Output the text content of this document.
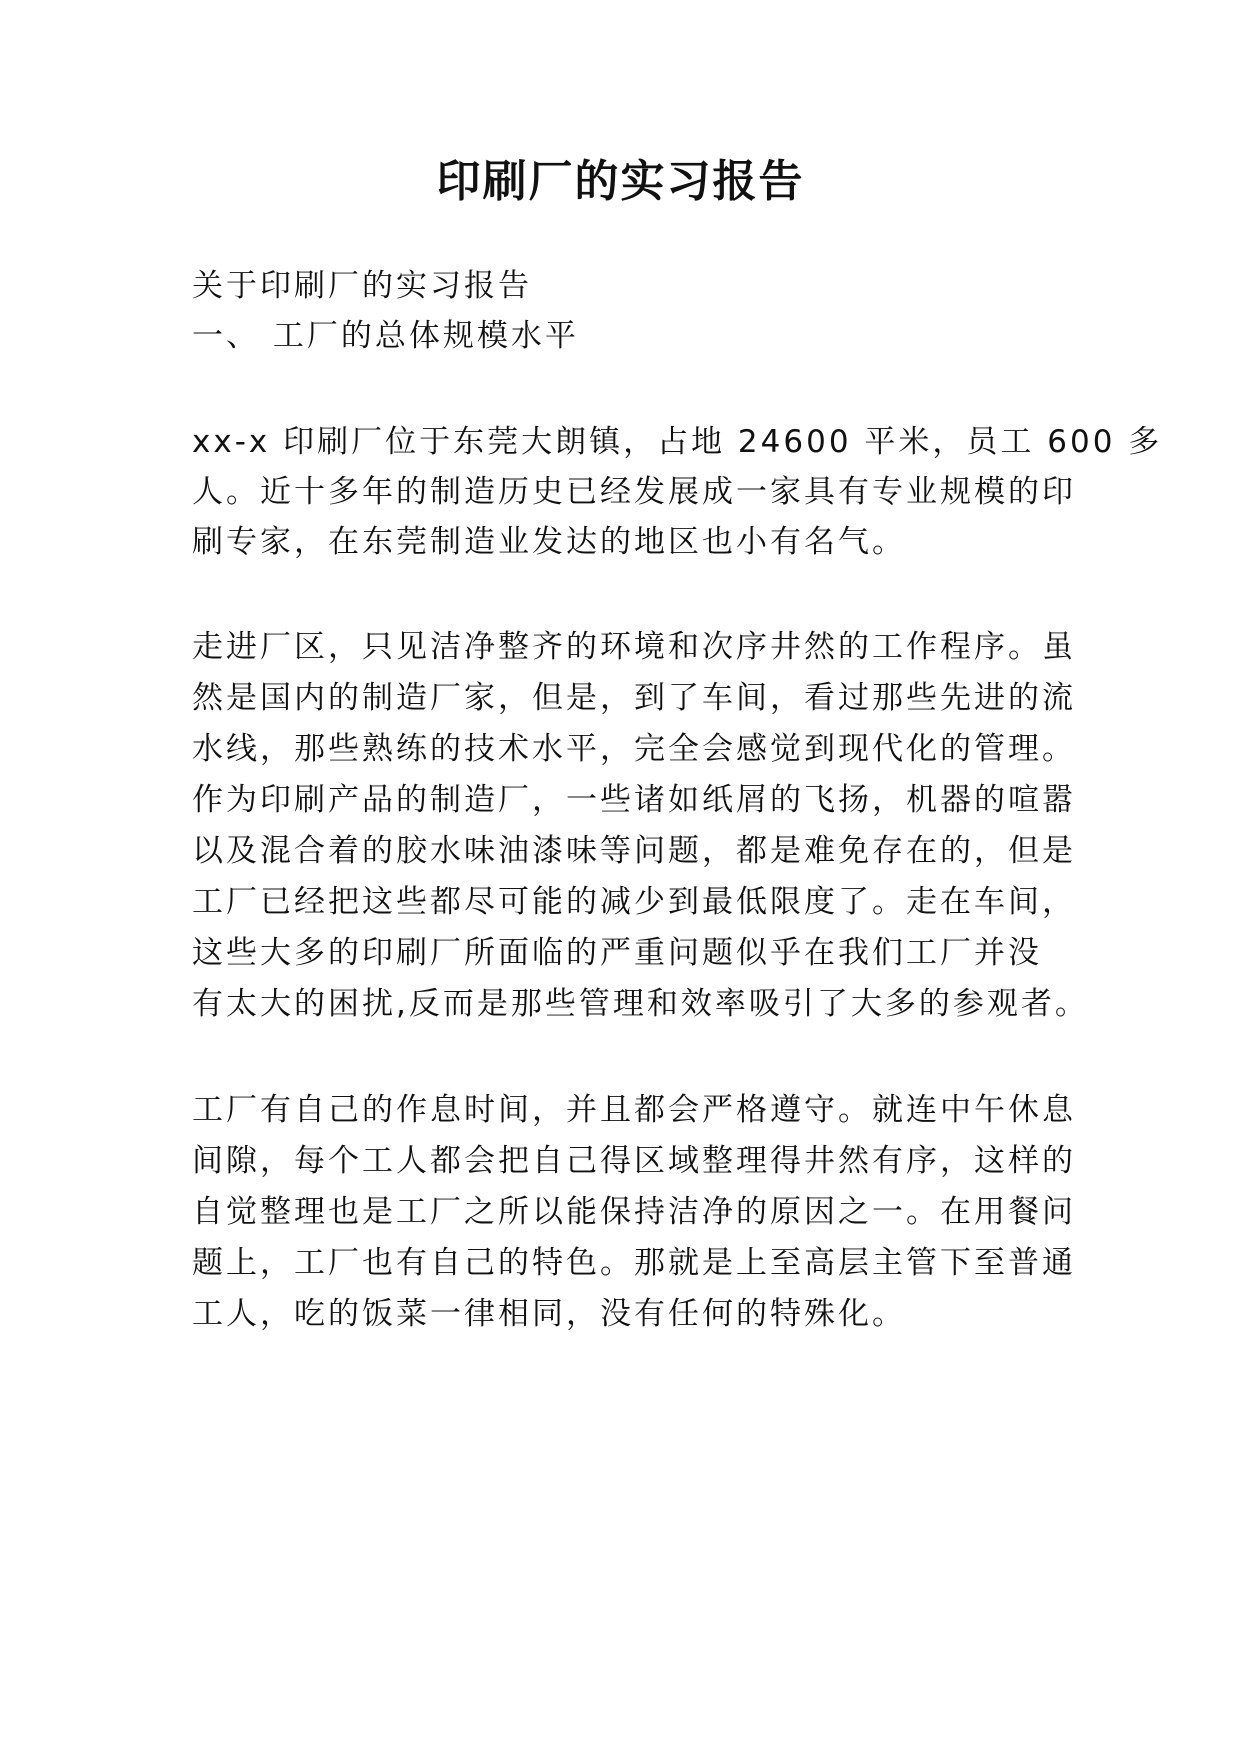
印刷厂的实习报告

关于印刷厂的实习报告

一、 工厂的总体规模水平

xx-x 印刷厂位于东莞大朗镇，占地 24600 平米，员工 600 多

人。近十多年的制造历史已经发展成一家具有专业规模的印

刷专家，在东莞制造业发达的地区也小有名气。

走进厂区，只见洁净整齐的环境和次序井然的工作程序。虽

然是国内的制造厂家，但是，到了车间，看过那些先进的流

水线，那些熟练的技术水平，完全会感觉到现代化的管理。

作为印刷产品的制造厂，一些诸如纸屑的飞扬，机器的喧嚣

以及混合着的胶水味油漆味等问题，都是难免存在的，但是

工厂已经把这些都尽可能的减少到最低限度了。走在车间，

这些大多的印刷厂所面临的严重问题似乎在我们工厂并没

有太大的困扰,反而是那些管理和效率吸引了大多的参观者。

工厂有自己的作息时间，并且都会严格遵守。就连中午休息

间隙，每个工人都会把自己得区域整理得井然有序，这样的

自觉整理也是工厂之所以能保持洁净的原因之一。在用餐问

题上，工厂也有自己的特色。那就是上至高层主管下至普通

工人，吃的饭菜一律相同，没有任何的特殊化。
